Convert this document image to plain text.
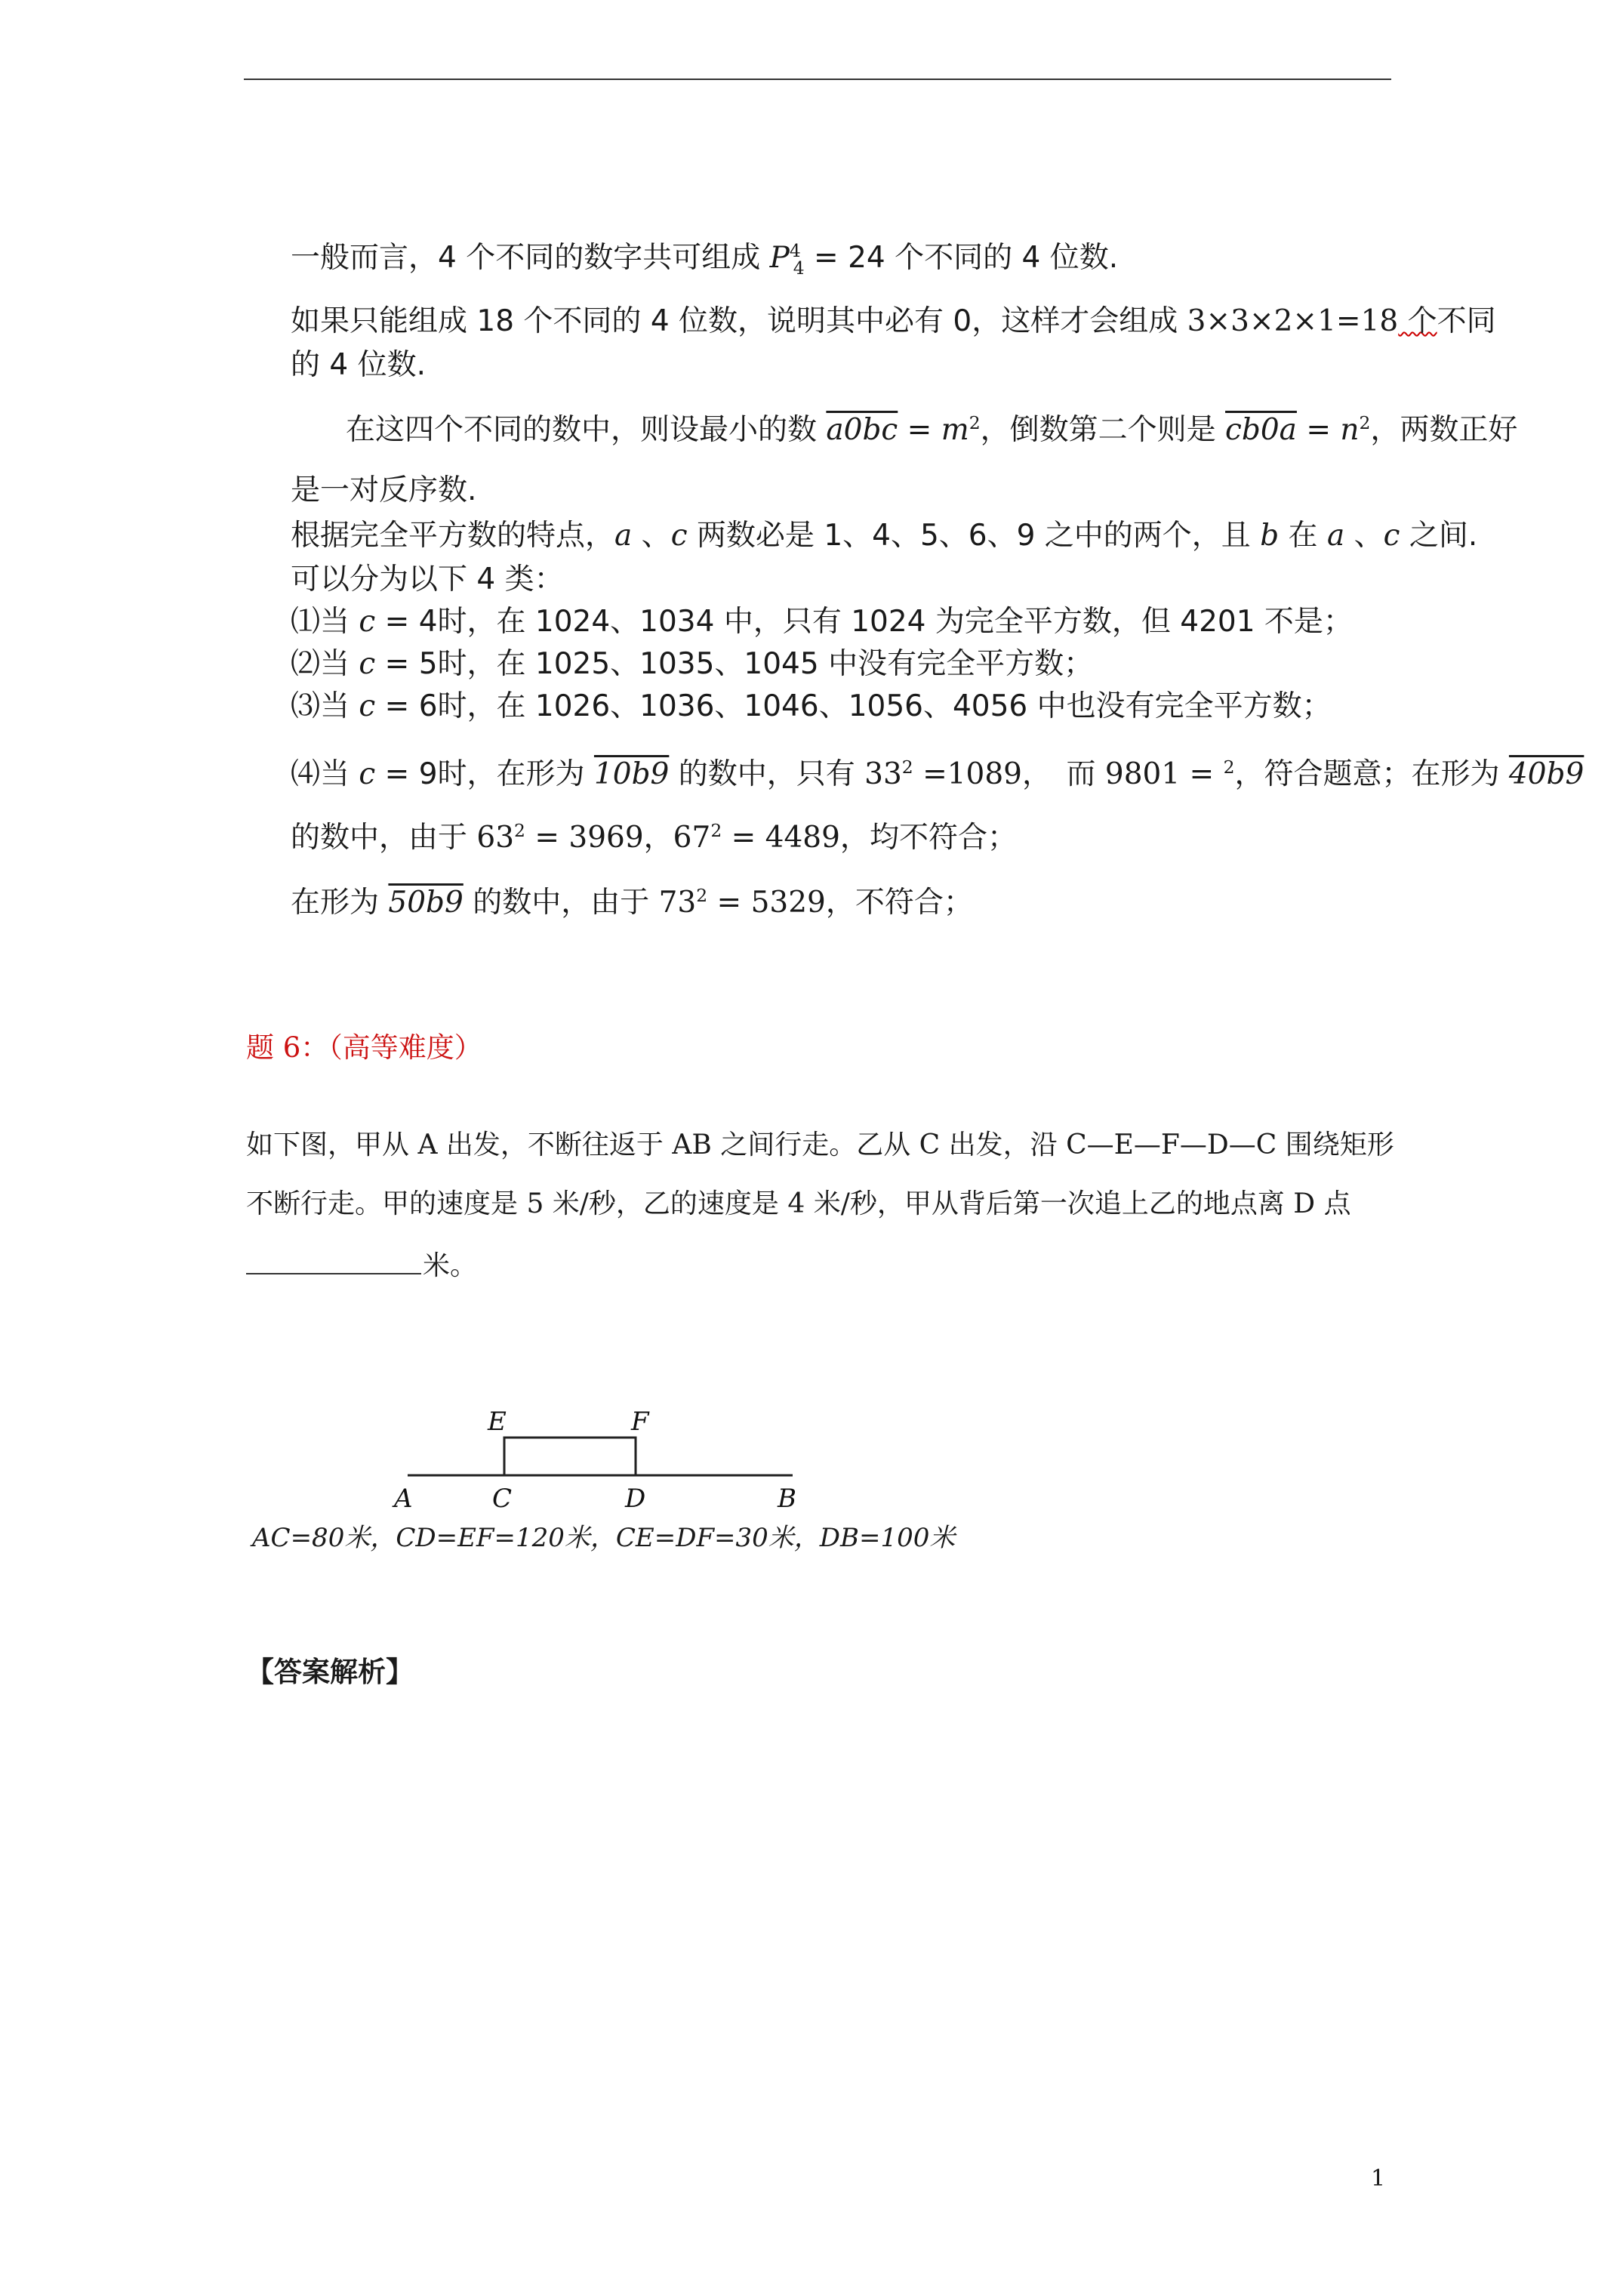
一般而言，4 个不同的数字共可组成 $P^4_4 = 24$ 个不同的 4 位数.
如果只能组成 18 个不同的 4 位数，说明其中必有 0，这样才会组成 3×3×2×1=18 个不同
的 4 位数.
在这四个不同的数中，则设最小的数 $a0bc = m^2$，倒数第二个则是 $cb0a = n^2$，两数正好
是一对反序数.
根据完全平方数的特点，a 、c 两数必是 1、4、5、6、9 之中的两个，且 b 在 a 、c 之间.
可以分为以下 4 类：
⑴当 c = 4时，在 1024、1034 中，只有 1024 为完全平方数，但 4201 不是；
⑵当 c = 5时，在 1025、1035、1045 中没有完全平方数；
⑶当 c = 6时，在 1026、1036、1046、1056、4056 中也没有完全平方数；
⑷当 c = 9时，在形为 10b9 的数中，只有 $33^2 =1089$，　而 9801 = $^2$，符合题意；在形为 40b9
的数中，由于 $63^2 = 3969$，$67^2 = 4489$，均不符合；
在形为 50b9 的数中，由于 $73^2 = 5329$，不符合；
题 6：（高等难度）
如下图，甲从 A 出发，不断往返于 AB 之间行走。乙从 C 出发，沿 C—E—F—D—C 围绕矩形
不断行走。甲的速度是 5 米/秒，乙的速度是 4 米/秒，甲从背后第一次追上乙的地点离 D 点
米。
E	F
A	C	D	B
AC=80米，CD=EF=120米，CE=DF=30米，DB=100米
【答案解析】
1
